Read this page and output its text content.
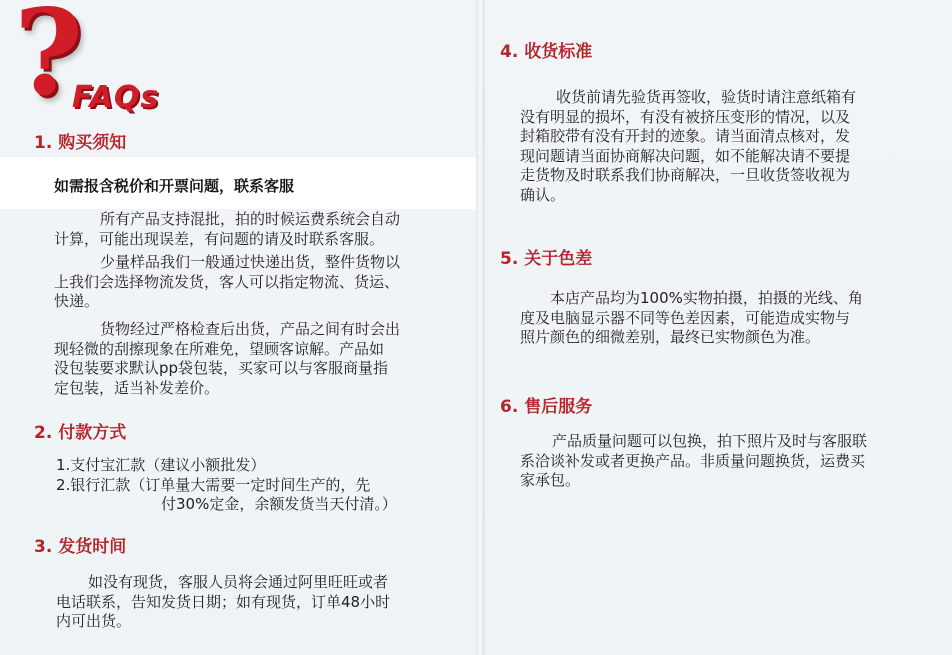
?
FAQs
1. 购买须知
如需报含税价和开票问题，联系客服
所有产品支持混批，拍的时候运费系统会自动
计算，可能出现误差，有问题的请及时联系客服。
少量样品我们一般通过快递出货，整件货物以
上我们会选择物流发货，客人可以指定物流、货运、
快递。
货物经过严格检查后出货，产品之间有时会出
现轻微的刮擦现象在所难免，望顾客谅解。产品如
没包装要求默认pp袋包装，买家可以与客服商量指
定包装，适当补发差价。
2. 付款方式
1.支付宝汇款（建议小额批发）
2.银行汇款（订单量大需要一定时间生产的，先
付30%定金，余额发货当天付清。）
3. 发货时间
如没有现货，客服人员将会通过阿里旺旺或者
电话联系，告知发货日期；如有现货，订单48小时
内可出货。
4. 收货标准
收货前请先验货再签收，验货时请注意纸箱有
没有明显的损坏，有没有被挤压变形的情况，以及
封箱胶带有没有开封的迹象。请当面清点核对，发
现问题请当面协商解决问题，如不能解决请不要提
走货物及时联系我们协商解决，一旦收货签收视为
确认。
5. 关于色差
本店产品均为100%实物拍摄，拍摄的光线、角
度及电脑显示器不同等色差因素，可能造成实物与
照片颜色的细微差别，最终已实物颜色为准。
6. 售后服务
产品质量问题可以包换，拍下照片及时与客服联
系洽谈补发或者更换产品。非质量问题换货，运费买
家承包。
